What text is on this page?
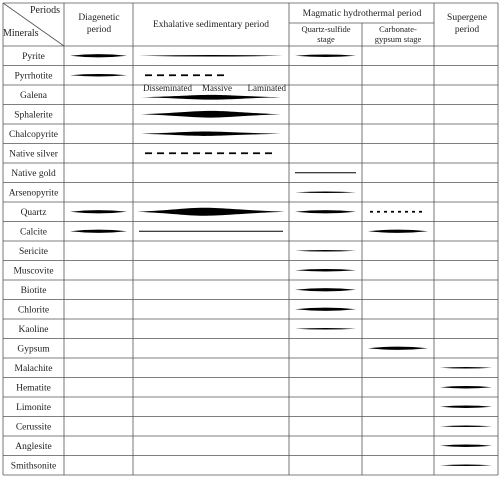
Periods
Minerals
Diagenetic
period	Exhalative sedimentary period
Magmatic hydrothermal period
Quartz-sulfide
stage
Carbonate-
gypsum stage
Supergene
period
Disseminated Massive Laminated
Pyrite
Pyrrhotite
Galena
Sphalerite
Chalcopyrite
Native silver
Native gold
Arsenopyrite
Quartz
Calcite
Sericite
Muscovite
Biotite
Chlorite
Kaoline
Gypsum
Malachite
Hematite
Limonite
Cerussite
Anglesite
Smithsonite
